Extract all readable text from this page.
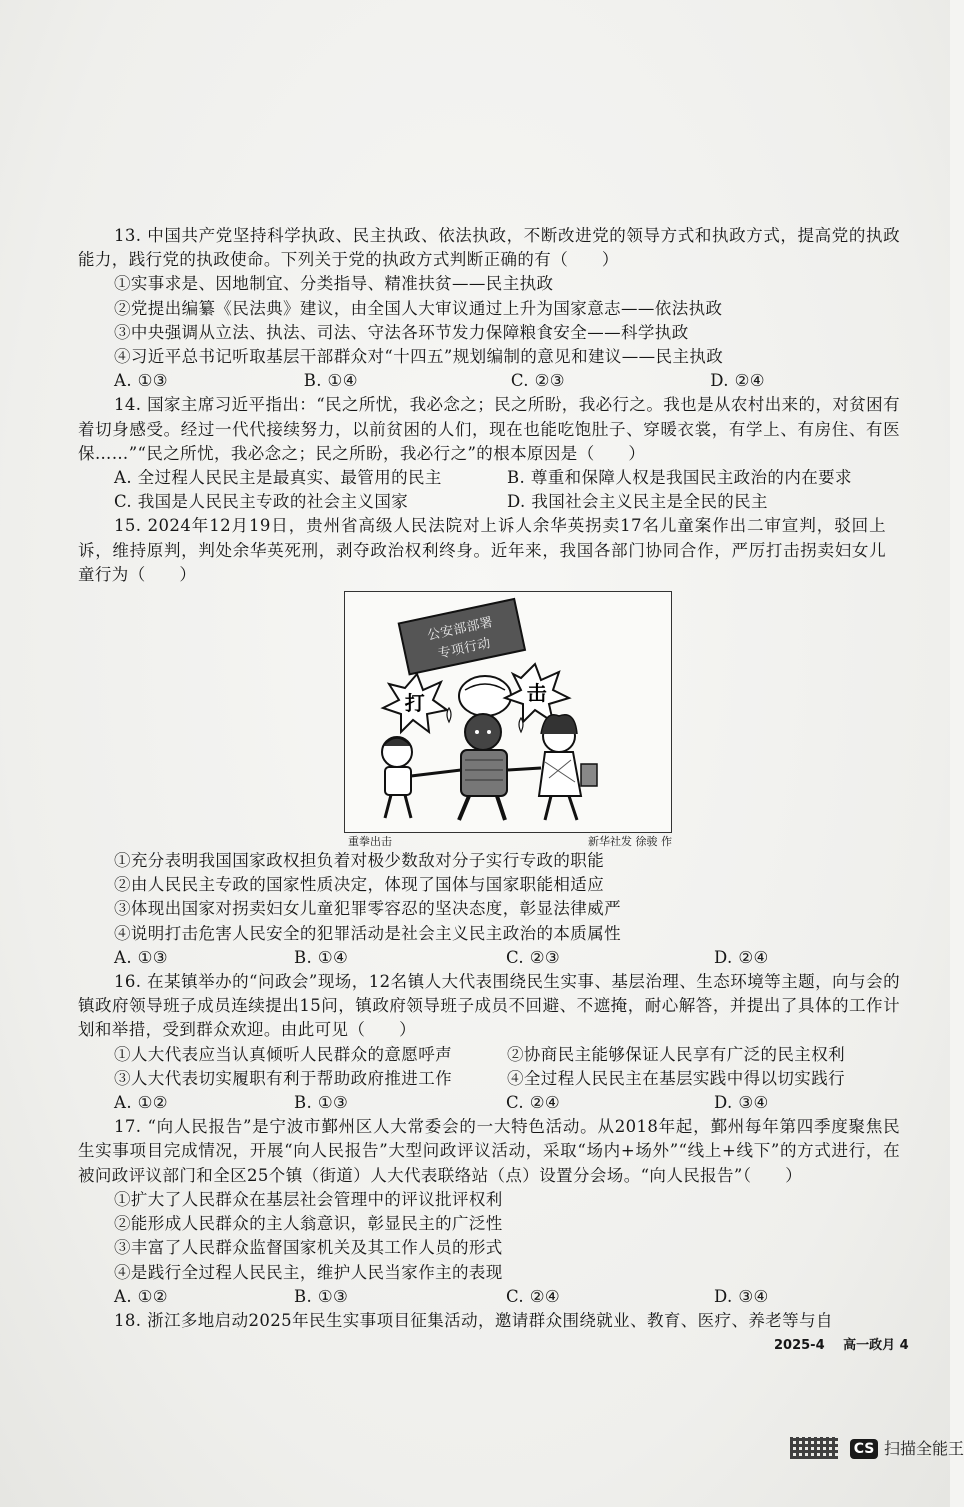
13. 中国共产党坚持科学执政、民主执政、依法执政，不断改进党的领导方式和执政方式，提高党的执政能力，践行党的执政使命。下列关于党的执政方式判断正确的有（　　）

①实事求是、因地制宜、分类指导、精准扶贫——民主执政
②党提出编纂《民法典》建议，由全国人大审议通过上升为国家意志——依法执政
③中央强调从立法、执法、司法、守法各环节发力保障粮食安全——科学执政
④习近平总书记听取基层干部群众对“十四五”规划编制的意见和建议——民主执政
A. ①③	B. ①④	C. ②③	D. ②④

14. 国家主席习近平指出：“民之所忧，我必念之；民之所盼，我必行之。我也是从农村出来的，对贫困有着切身感受。经过一代代接续努力，以前贫困的人们，现在也能吃饱肚子、穿暖衣裳，有学上、有房住、有医保……”“民之所忧，我必念之；民之所盼，我必行之”的根本原因是（　　）

A. 全过程人民民主是最真实、最管用的民主	B. 尊重和保障人权是我国民主政治的内在要求
C. 我国是人民民主专政的社会主义国家	D. 我国社会主义民主是全民的民主

15. 2024年12月19日，贵州省高级人民法院对上诉人余华英拐卖17名儿童案作出二审宣判，驳回上诉，维持原判，判处余华英死刑，剥夺政治权利终身。近年来，我国各部门协同合作，严厉打击拐卖妇女儿童行为（　　）

公安部部署
专项行动
打	击
重拳出击	新华社发 徐骏 作
①充分表明我国国家政权担负着对极少数敌对分子实行专政的职能
②由人民民主专政的国家性质决定，体现了国体与国家职能相适应
③体现出国家对拐卖妇女儿童犯罪零容忍的坚决态度，彰显法律威严
④说明打击危害人民安全的犯罪活动是社会主义民主政治的本质属性
A. ①③	B. ①④	C. ②③	D. ②④

16. 在某镇举办的“问政会”现场，12名镇人大代表围绕民生实事、基层治理、生态环境等主题，向与会的镇政府领导班子成员连续提出15问，镇政府领导班子成员不回避、不遮掩，耐心解答，并提出了具体的工作计划和举措，受到群众欢迎。由此可见（　　）

①人大代表应当认真倾听人民群众的意愿呼声	②协商民主能够保证人民享有广泛的民主权利
③人大代表切实履职有利于帮助政府推进工作	④全过程人民民主在基层实践中得以切实践行
A. ①②	B. ①③	C. ②④	D. ③④

17. “向人民报告”是宁波市鄞州区人大常委会的一大特色活动。从2018年起，鄞州每年第四季度聚焦民生实事项目完成情况，开展“向人民报告”大型问政评议活动，采取“场内+场外”“线上+线下”的方式进行，在被问政评议部门和全区25个镇（街道）人大代表联络站（点）设置分会场。“向人民报告”（　　）

①扩大了人民群众在基层社会管理中的评议批评权利
②能形成人民群众的主人翁意识，彰显民主的广泛性
③丰富了人民群众监督国家机关及其工作人员的形式
④是践行全过程人民民主，维护人民当家作主的表现
A. ①②	B. ①③	C. ②④	D. ③④

18. 浙江多地启动2025年民生实事项目征集活动，邀请群众围绕就业、教育、医疗、养老等与自

2025-4 高一政月 4
CS 扫描全能王
